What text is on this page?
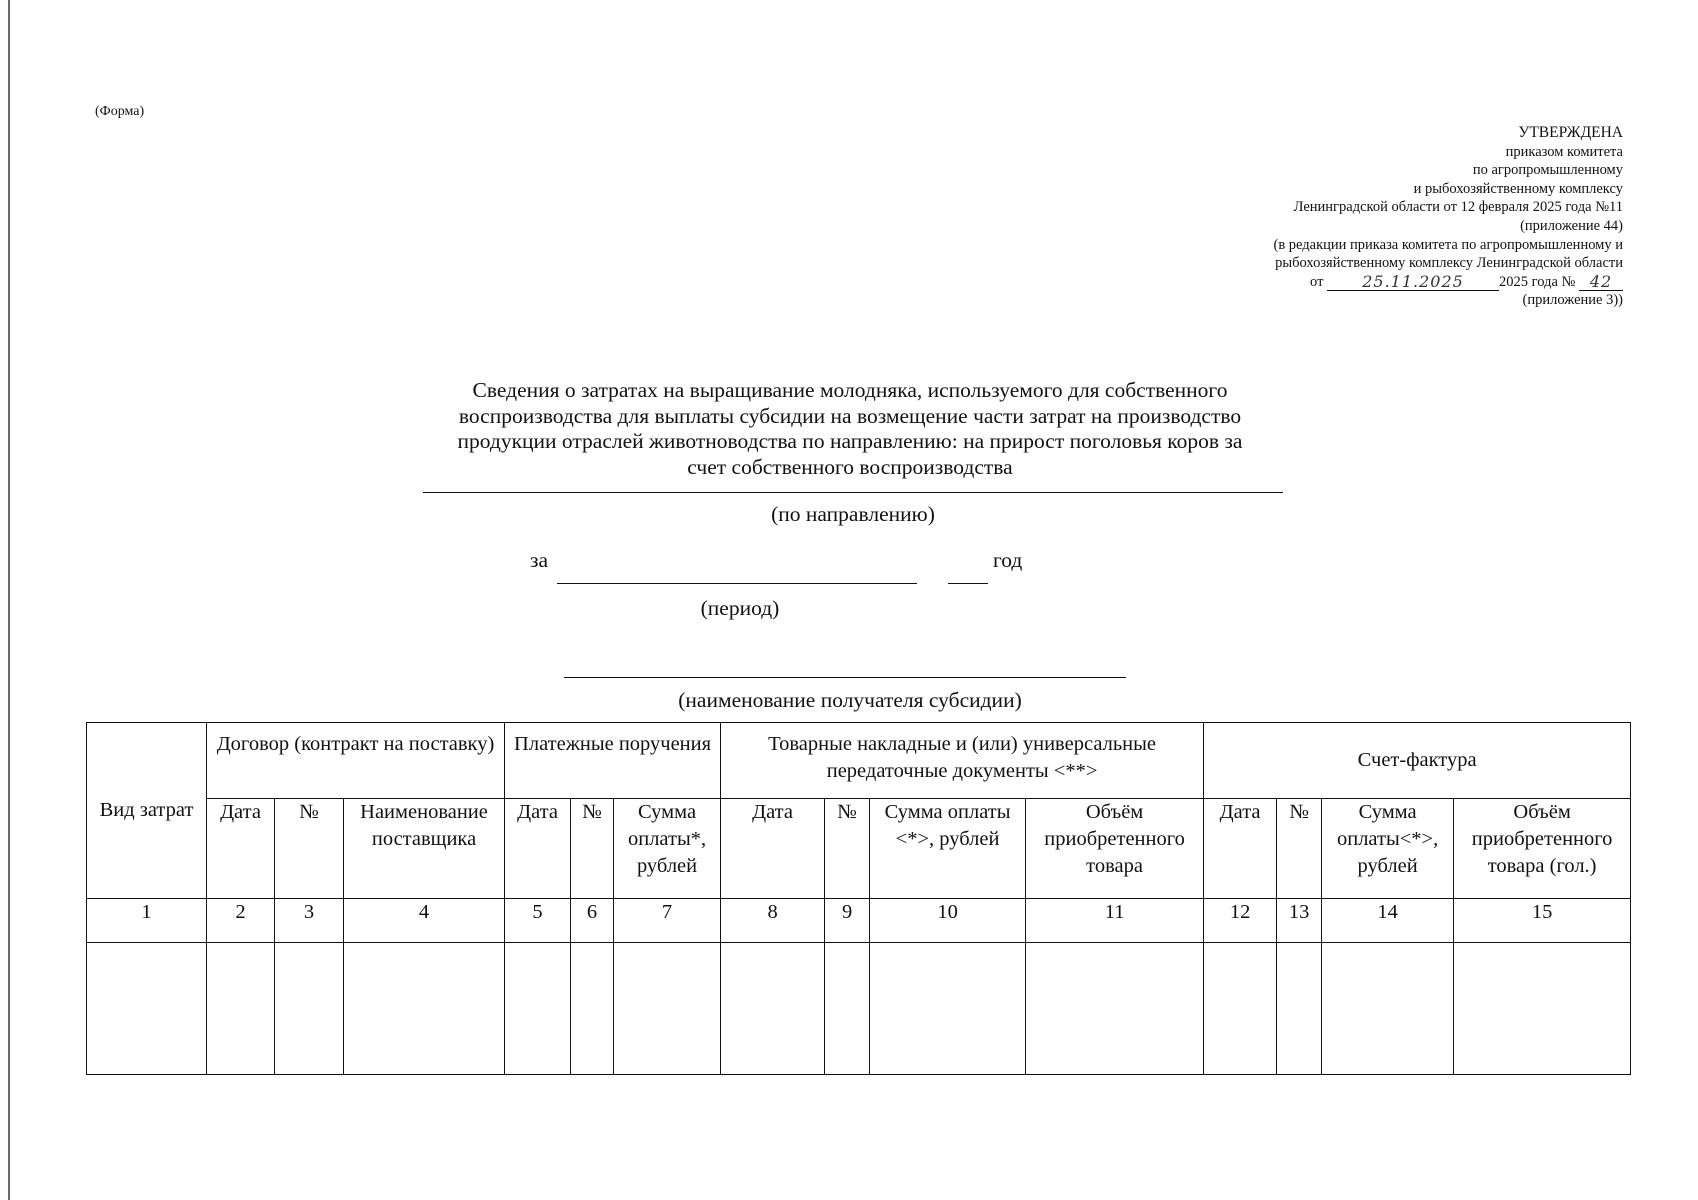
(Форма)
УТВЕРЖДЕНА
приказом комитета
по агропромышленному
и рыбохозяйственному комплексу
Ленинградской области от 12 февраля 2025 года №11
(приложение 44)
(в редакции приказа комитета по агропромышленному и
рыбохозяйственному комплексу Ленинградской области
от 25.11.2025 2025 года № 42
(приложение 3))
Сведения о затратах на выращивание молодняка, используемого для собственного воспроизводства для выплаты субсидии на возмещение части затрат на производство продукции отраслей животноводства по направлению: на прирост поголовья коров за счет собственного воспроизводства
(по направлению)
за	год
(период)
(наименование получателя субсидии)
Вид затрат	Договор (контракт на поставку)			Платежные поручения			Товарные накладные и (или) универсальные передаточные документы <**>				Счет-фактура			
	Дата	№	Наименование поставщика	Дата	№	Сумма оплаты*, рублей	Дата	№	Сумма оплаты <*>, рублей	Объём приобретенного товара	Дата	№	Сумма оплаты<*>, рублей	Объём приобретенного товара (гол.)
1	2	3	4	5	6	7	8	9	10	11	12	13	14	15
